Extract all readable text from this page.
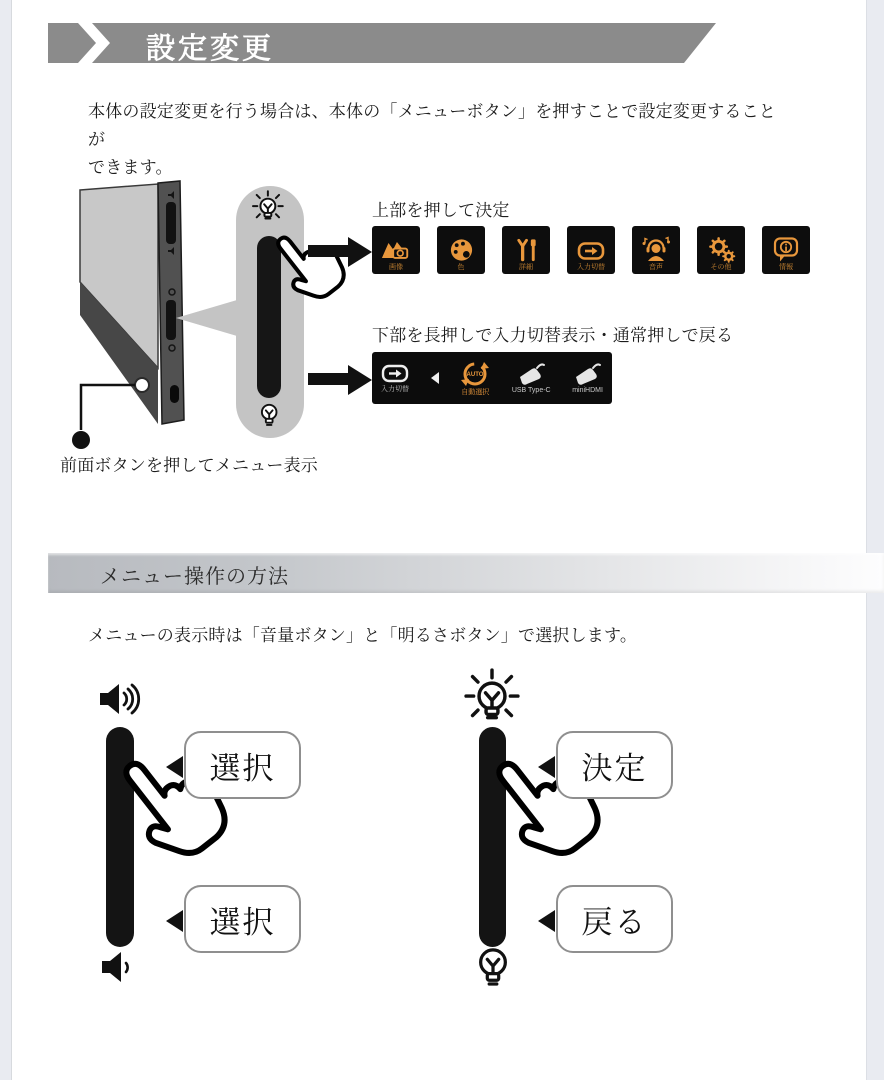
設定変更
本体の設定変更を行う場合は、本体の「メニューボタン」を押すことで設定変更することが
できます。
上部を押して決定
画像	色	詳細	入力切替	音声	その他	情報
下部を長押しで入力切替表示・通常押しで戻る
入力切替
AUTO
自動選択	USB Type-C	miniHDMI
前面ボタンを押してメニュー表示
メニュー操作の方法
メニューの表示時は「音量ボタン」と「明るさボタン」で選択します。
選択
選択
決定
戻る
